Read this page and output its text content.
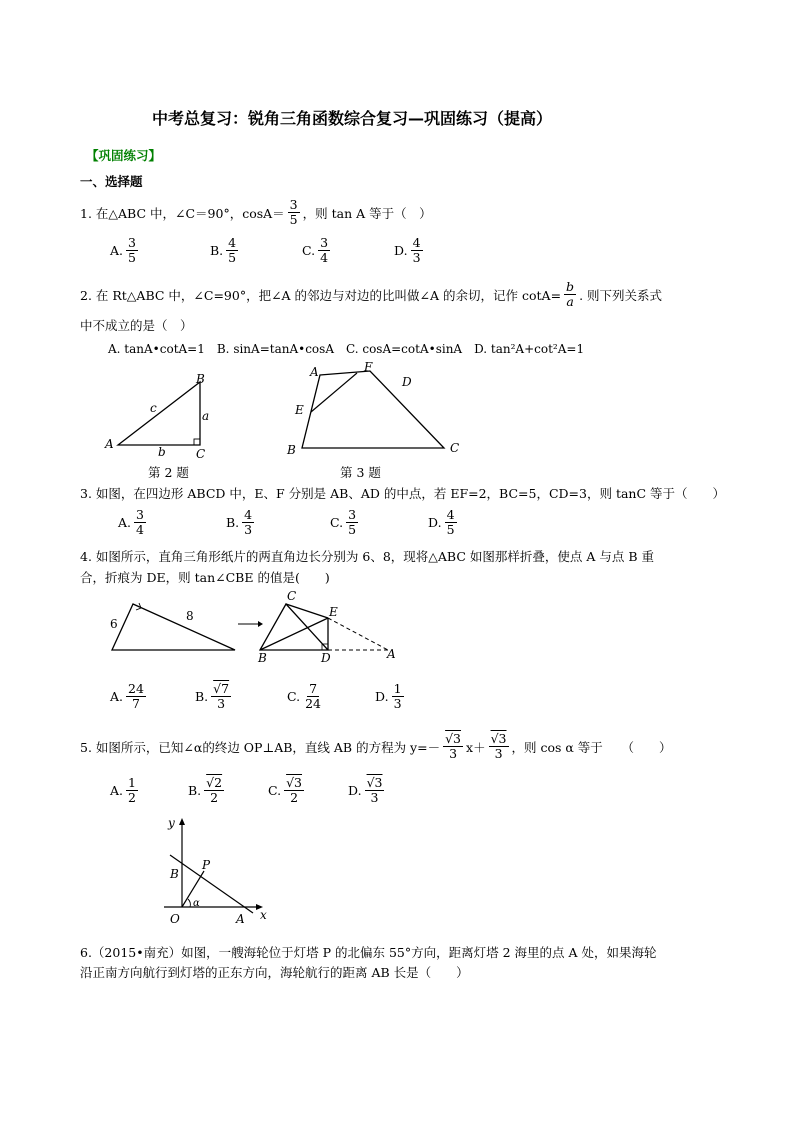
中考总复习：锐角三角函数综合复习—巩固练习（提高）
【巩固练习】
一、选择题
1. 在△ABC 中，∠C＝90°，$\cos A= \frac{3}{5}$ ，则 tan A 等于（　）
A. $\frac{3}{5}$	B. $\frac{4}{5}$	C. $\frac{3}{4}$	D. $\frac{4}{3}$
2. 在 Rt△ABC 中，∠C=90°，把∠A 的邻边与对边的比叫做∠A 的余切，记作 $\cot A= \frac{b}{a}$ . 则下列关系式
中不成立的是（　）
A. tanA•cotA=1　B. sinA=tanA•cosA　C. cosA=cotA•sinA　D. tan²A+cot²A=1
A
B
C
a
b
c
第 2 题
A	F
D
E
B	C
第 3 题
3. 如图，在四边形 ABCD 中，E、F 分别是 AB、AD 的中点，若 EF=2，BC=5，CD=3，则 tanC 等于（　　）
A. $\frac{3}{4}$	B. $\frac{4}{3}$	C. $\frac{3}{5}$	D. $\frac{4}{5}$
4. 如图所示，直角三角形纸片的两直角边长分别为 6、8，现将△ABC 如图那样折叠，使点 A 与点 B 重
合，折痕为 DE，则 tan∠CBE 的值是(　　)
6
8
C
E
B	D	A
A. $\frac{24}{7}$	B. $\frac{√7}{3}$	C. $\frac{7}{24}$	D. $\frac{1}{3}$
5. 如图所示，已知∠α的终边 OP⊥AB，直线 AB 的方程为 $y=- \frac{√3}{3} x+ \frac{√3}{3}$ ，则 cos α 等于　　（　　）
A. $\frac{1}{2}$	B. $\frac{√2}{2}$	C. $\frac{√3}{2}$	D. $\frac{√3}{3}$
y
x
O	A
B
P
α
6.（2015•南充）如图，一艘海轮位于灯塔 P 的北偏东 55°方向，距离灯塔 2 海里的点 A 处，如果海轮
沿正南方向航行到灯塔的正东方向，海轮航行的距离 AB 长是（　　）
